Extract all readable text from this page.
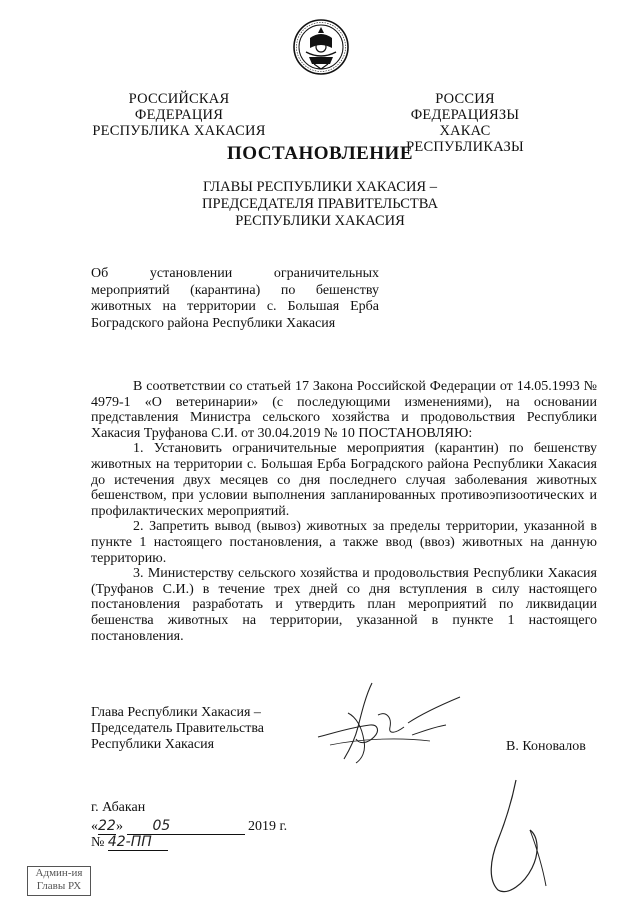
РОССИЙСКАЯ ФЕДЕРАЦИЯ
РЕСПУБЛИКА ХАКАСИЯ
РОССИЯ ФЕДЕРАЦИЯЗЫ
ХАКАС РЕСПУБЛИКАЗЫ
ПОСТАНОВЛЕНИЕ
ГЛАВЫ РЕСПУБЛИКИ ХАКАСИЯ –
ПРЕДСЕДАТЕЛЯ ПРАВИТЕЛЬСТВА
РЕСПУБЛИКИ ХАКАСИЯ
Об установлении ограничительных
мероприятий (карантина) по бешенству
животных на территории с. Большая Ерба
Боградского района Республики Хакасия

В соответствии со статьей 17 Закона Российской Федерации от 14.05.1993 № 4979-1 «О ветеринарии» (с последующими изменениями), на основании представления Министра сельского хозяйства и продовольствия Республики Хакасия Труфанова С.И. от 30.04.2019 № 10 ПОСТАНОВЛЯЮ:

1. Установить ограничительные мероприятия (карантин) по бешенству животных на территории с. Большая Ерба Боградского района Республики Хакасия до истечения двух месяцев со дня последнего случая заболевания животных бешенством, при условии выполнения запланированных противоэпизоотических и профилактических мероприятий.

2. Запретить вывод (вывоз) животных за пределы территории, указанной в пункте 1 настоящего постановления, а также ввод (ввоз) животных на данную территорию.

3. Министерству сельского хозяйства и продовольствия Республики Хакасия (Труфанов С.И.) в течение трех дней со дня вступления в силу настоящего постановления разработать и утвердить план мероприятий по ликвидации бешенства животных на территории, указанной в пункте 1 настоящего постановления.

Глава Республики Хакасия –
Председатель Правительства
Республики Хакасия	В. Коновалов
г. Абакан
«22» 05	2019 г.
№ 42-ПП
Админ-ия
Главы РХ
